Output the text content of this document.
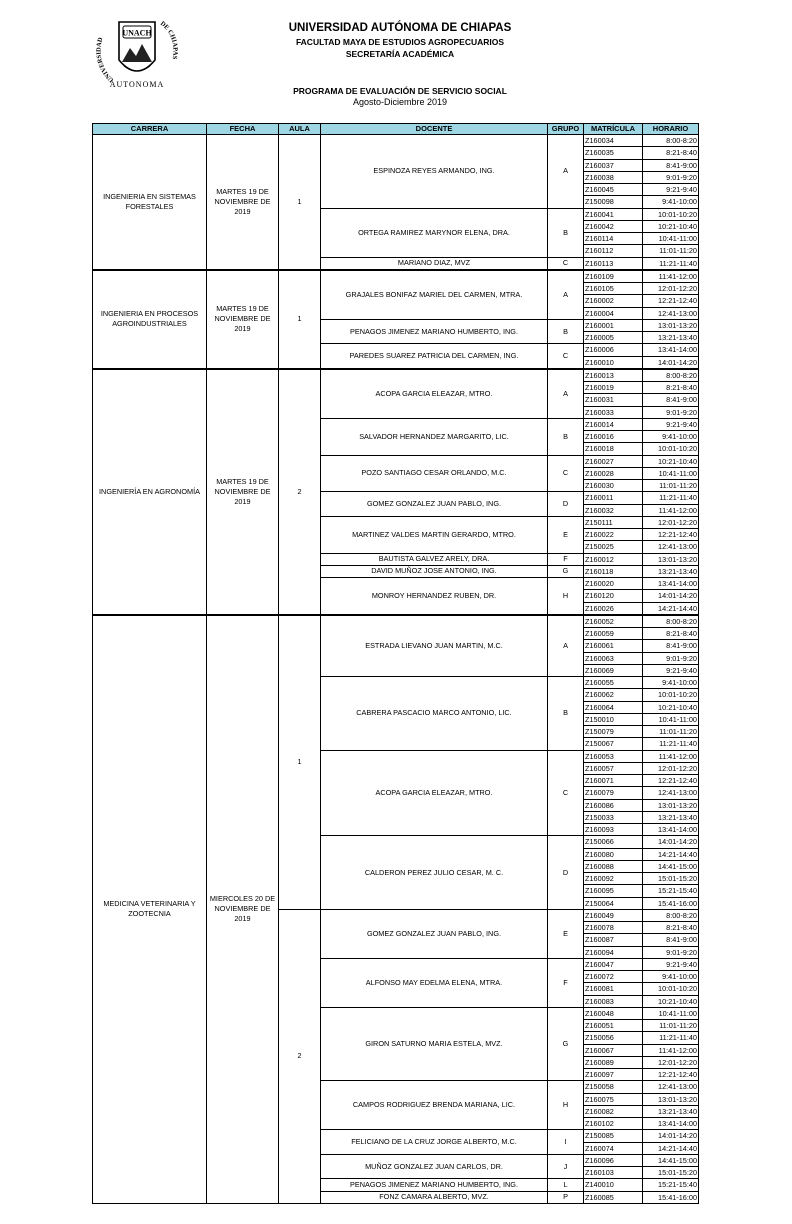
UNIVERSIDAD
DE CHIAPAS
UNACH
AUTONOMA
UNIVERSIDAD AUTÓNOMA DE CHIAPAS
FACULTAD MAYA DE ESTUDIOS AGROPECUARIOS
SECRETARÍA ACADÉMICA
PROGRAMA DE EVALUACIÓN DE SERVICIO SOCIAL
Agosto-Diciembre 2019
CARRERA	FECHA	AULA	DOCENTE	GRUPO	MATRÍCULA	HORARIO
INGENIERIA EN SISTEMAS FORESTALES	MARTES 19 DE NOVIEMBRE DE 2019	1	ESPINOZA REYES ARMANDO, ING.	A	Z160034	8:00-8:20
					Z160035	8:21-8:40
					Z160037	8:41-9:00
					Z160038	9:01-9:20
					Z160045	9:21-9:40
					Z150098	9:41-10:00
			ORTEGA RAMIREZ MARYNOR ELENA, DRA.	B	Z160041	10:01-10:20
					Z160042	10:21-10:40
					Z160114	10:41-11:00
					Z160112	11:01-11:20
			MARIANO DIAZ, MVZ	C	Z160113	11:21-11:40
INGENIERIA EN PROCESOS AGROINDUSTRIALES	MARTES 19 DE NOVIEMBRE DE 2019	1	GRAJALES BONIFAZ MARIEL DEL CARMEN, MTRA.	A	Z160109	11:41-12:00
					Z160105	12:01-12:20
					Z160002	12:21-12:40
					Z160004	12:41-13:00
			PENAGOS JIMENEZ MARIANO HUMBERTO, ING.	B	Z160001	13:01-13:20
					Z160005	13:21-13:40
			PAREDES SUAREZ PATRICIA DEL CARMEN, ING.	C	Z160006	13:41-14:00
					Z160010	14:01-14:20
INGENIERÍA EN AGRONOMÍA	MARTES 19 DE NOVIEMBRE DE 2019	2	ACOPA GARCIA ELEAZAR, MTRO.	A	Z160013	8:00-8:20
					Z160019	8:21-8:40
					Z160031	8:41-9:00
					Z160033	9:01-9:20
			SALVADOR HERNANDEZ MARGARITO, LIC.	B	Z160014	9:21-9:40
					Z160016	9:41-10:00
					Z160018	10:01-10:20
			POZO SANTIAGO CESAR ORLANDO, M.C.	C	Z160027	10:21-10:40
					Z160028	10:41-11:00
					Z160030	11:01-11:20
			GOMEZ GONZALEZ JUAN PABLO, ING.	D	Z160011	11:21-11:40
					Z160032	11:41-12:00
			MARTINEZ VALDES MARTIN GERARDO, MTRO.	E	Z150111	12:01-12:20
					Z160022	12:21-12:40
					Z150025	12:41-13:00
			BAUTISTA GALVEZ ARELY, DRA.	F	Z160012	13:01-13:20
			DAVID MUÑOZ JOSE ANTONIO, ING.	G	Z160118	13:21-13:40
			MONROY HERNANDEZ RUBEN, DR.	H	Z160020	13:41-14:00
					Z160120	14:01-14:20
					Z160026	14:21-14:40
MEDICINA VETERINARIA Y ZOOTECNIA	MIERCOLES 20 DE NOVIEMBRE DE 2019	1	ESTRADA LIEVANO JUAN MARTIN, M.C.	A	Z160052	8:00-8:20
					Z160059	8:21-8:40
					Z160061	8:41-9:00
					Z160063	9:01-9:20
					Z160069	9:21-9:40
			CABRERA PASCACIO MARCO ANTONIO, LIC.	B	Z160055	9:41-10:00
					Z160062	10:01-10:20
					Z160064	10:21-10:40
					Z150010	10:41-11:00
					Z150079	11:01-11:20
					Z150067	11:21-11:40
			ACOPA GARCIA ELEAZAR, MTRO.	C	Z160053	11:41-12:00
					Z160057	12:01-12:20
					Z160071	12:21-12:40
					Z160079	12:41-13:00
					Z160086	13:01-13:20
					Z150033	13:21-13:40
					Z160093	13:41-14:00
			CALDERON PEREZ JULIO CESAR, M. C.	D	Z150066	14:01-14:20
					Z160080	14:21-14:40
					Z160088	14:41-15:00
					Z160092	15:01-15:20
					Z160095	15:21-15:40
					Z150064	15:41-16:00
		2	GOMEZ GONZALEZ JUAN PABLO, ING.	E	Z160049	8:00-8:20
					Z160078	8:21-8:40
					Z160087	8:41-9:00
					Z160094	9:01-9:20
			ALFONSO MAY EDELMA ELENA, MTRA.	F	Z160047	9:21-9:40
					Z160072	9:41-10:00
					Z160081	10:01-10:20
					Z160083	10:21-10:40
			GIRON SATURNO MARIA ESTELA, MVZ.	G	Z160048	10:41-11:00
					Z160051	11:01-11:20
					Z150056	11:21-11:40
					Z160067	11:41-12:00
					Z160089	12:01-12:20
					Z160097	12:21-12:40
			CAMPOS RODRIGUEZ BRENDA MARIANA, LIC.	H	Z150058	12:41-13:00
					Z160075	13:01-13:20
					Z160082	13:21-13:40
					Z160102	13:41-14:00
			FELICIANO DE LA CRUZ JORGE ALBERTO, M.C.	I	Z150085	14:01-14:20
					Z160074	14:21-14:40
			MUÑOZ GONZALEZ JUAN CARLOS, DR.	J	Z160096	14:41-15:00
					Z160103	15:01-15:20
			PENAGOS JIMENEZ MARIANO HUMBERTO, ING.	L	Z140010	15:21-15:40
			FONZ CAMARA ALBERTO, MVZ.	P	Z160085	15:41-16:00
